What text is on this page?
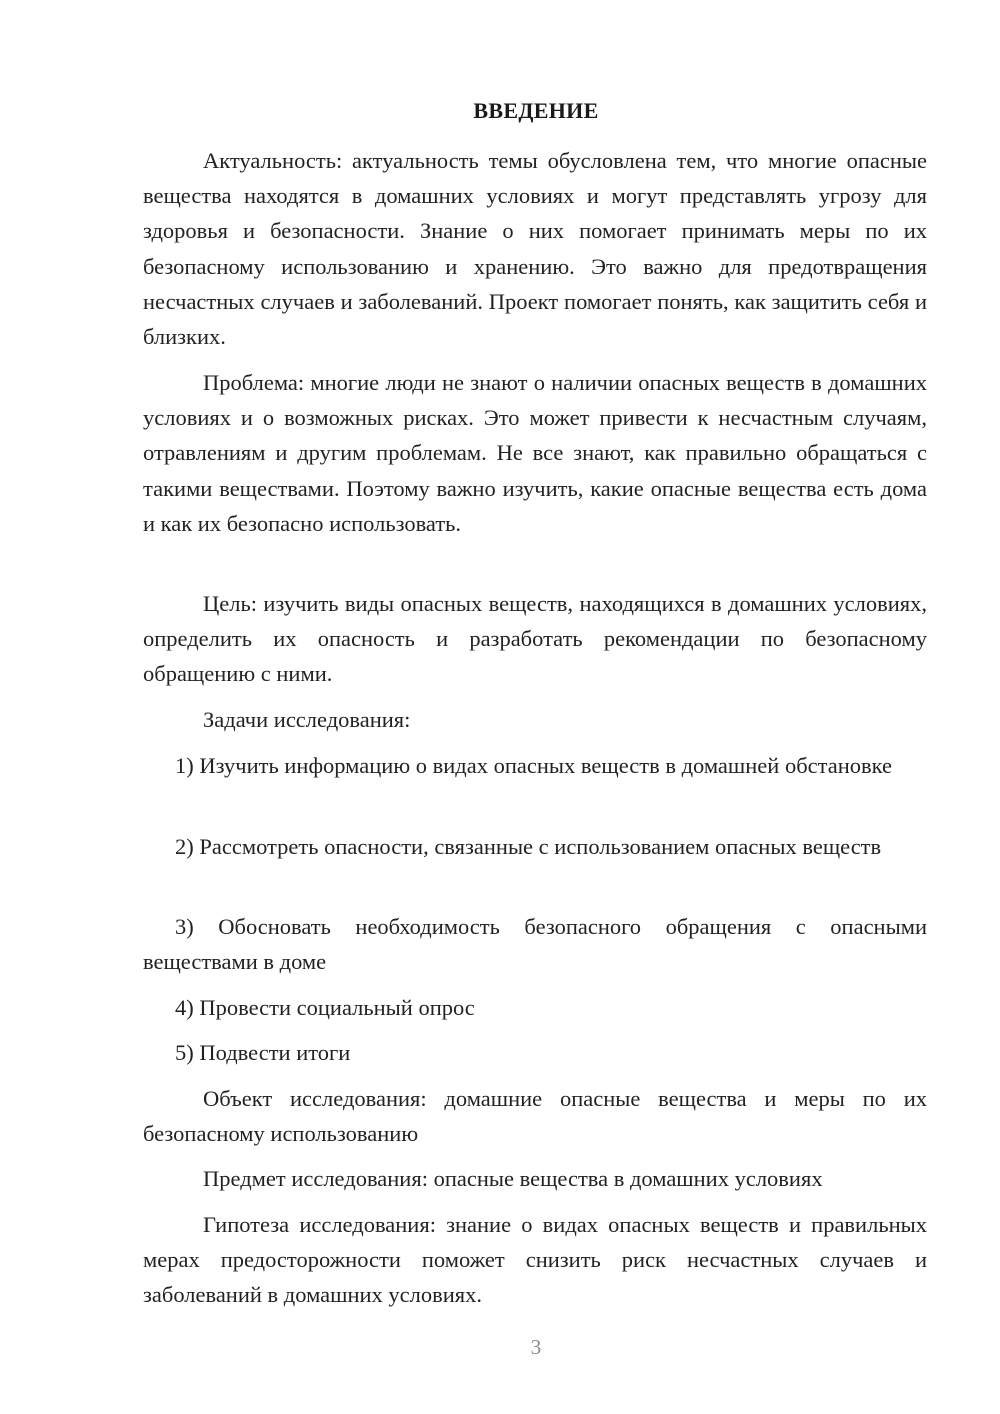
ВВЕДЕНИЕ

Актуальность: актуальность темы обусловлена тем, что многие опасные вещества находятся в домашних условиях и могут представлять угрозу для здоровья и безопасности. Знание о них помогает принимать меры по их безопасному использованию и хранению. Это важно для предотвращения несчастных случаев и заболеваний. Проект помогает понять, как защитить себя и близких.

Проблема: многие люди не знают о наличии опасных веществ в домашних условиях и о возможных рисках. Это может привести к несчастным случаям, отравлениям и другим проблемам. Не все знают, как правильно обращаться с такими веществами. Поэтому важно изучить, какие опасные вещества есть дома и как их безопасно использовать.

Цель: изучить виды опасных веществ, находящихся в домашних условиях, определить их опасность и разработать рекомендации по безопасному обращению с ними.

Задачи исследования:

1) Изучить информацию о видах опасных веществ в домашней обстановке

2) Рассмотреть опасности, связанные с использованием опасных веществ

3) Обосновать необходимость безопасного обращения с опасными веществами в доме

4) Провести социальный опрос

5) Подвести итоги

Объект исследования: домашние опасные вещества и меры по их безопасному использованию

Предмет исследования: опасные вещества в домашних условиях

Гипотеза исследования: знание о видах опасных веществ и правильных мерах предосторожности поможет снизить риск несчастных случаев и заболеваний в домашних условиях.

3
